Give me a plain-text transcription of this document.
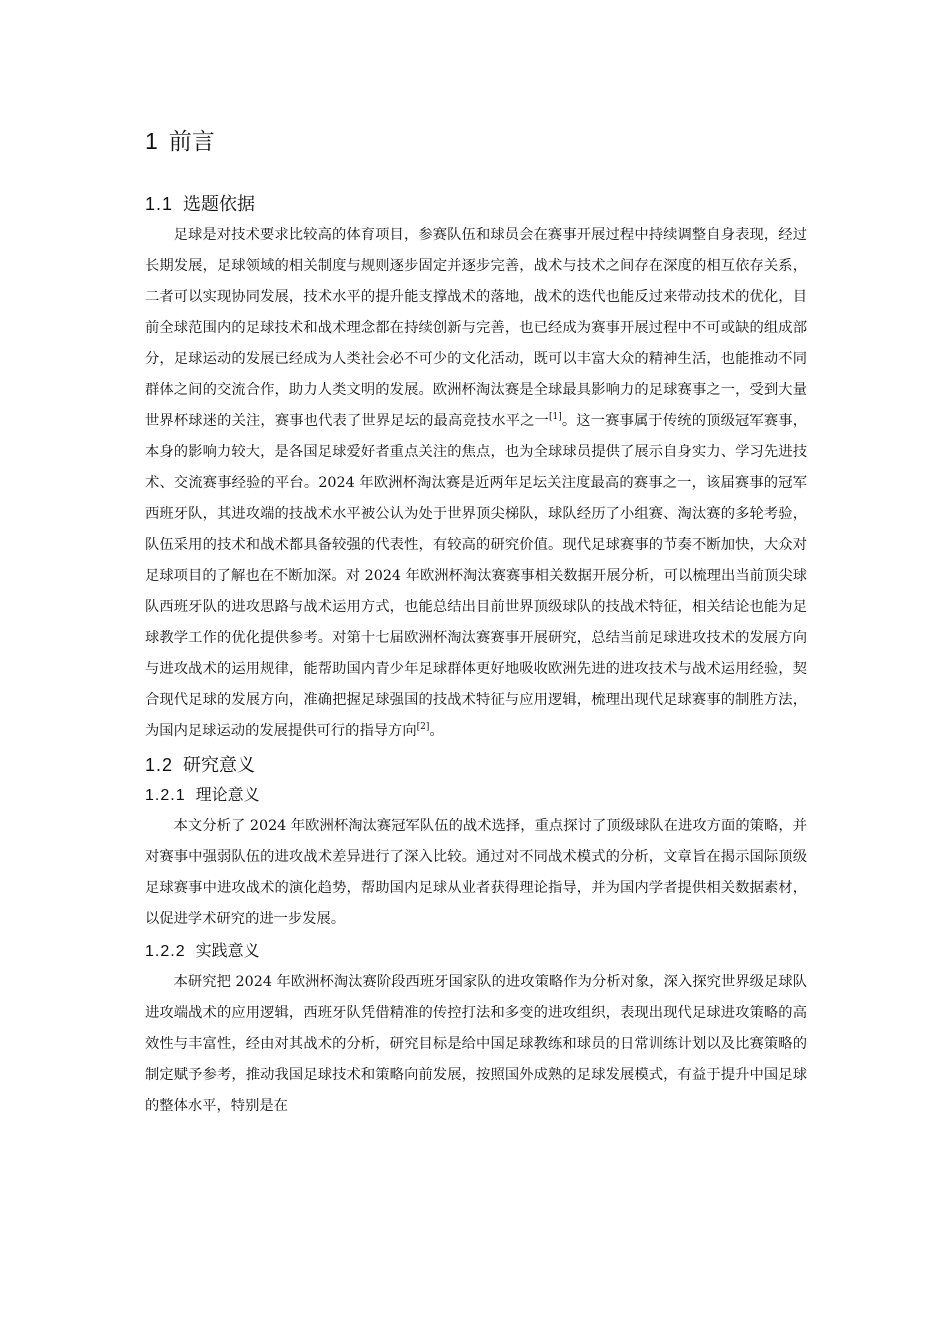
1 前言
1.1 选题依据

足球是对技术要求比较高的体育项目，参赛队伍和球员会在赛事开展过程中持续调整自身表现，经过长期发展，足球领域的相关制度与规则逐步固定并逐步完善，战术与技术之间存在深度的相互依存关系，二者可以实现协同发展，技术水平的提升能支撑战术的落地，战术的迭代也能反过来带动技术的优化，目前全球范围内的足球技术和战术理念都在持续创新与完善，也已经成为赛事开展过程中不可或缺的组成部分，足球运动的发展已经成为人类社会必不可少的文化活动，既可以丰富大众的精神生活，也能推动不同群体之间的交流合作，助力人类文明的发展。欧洲杯淘汰赛是全球最具影响力的足球赛事之一，受到大量世界杯球迷的关注，赛事也代表了世界足坛的最高竞技水平之一[1]。这一赛事属于传统的顶级冠军赛事，本身的影响力较大，是各国足球爱好者重点关注的焦点，也为全球球员提供了展示自身实力、学习先进技术、交流赛事经验的平台。2024 年欧洲杯淘汰赛是近两年足坛关注度最高的赛事之一，该届赛事的冠军西班牙队，其进攻端的技战术水平被公认为处于世界顶尖梯队，球队经历了小组赛、淘汰赛的多轮考验，队伍采用的技术和战术都具备较强的代表性，有较高的研究价值。现代足球赛事的节奏不断加快，大众对足球项目的了解也在不断加深。对 2024 年欧洲杯淘汰赛赛事相关数据开展分析，可以梳理出当前顶尖球队西班牙队的进攻思路与战术运用方式，也能总结出目前世界顶级球队的技战术特征，相关结论也能为足球教学工作的优化提供参考。对第十七届欧洲杯淘汰赛赛事开展研究，总结当前足球进攻技术的发展方向与进攻战术的运用规律，能帮助国内青少年足球群体更好地吸收欧洲先进的进攻技术与战术运用经验，契合现代足球的发展方向，准确把握足球强国的技战术特征与应用逻辑，梳理出现代足球赛事的制胜方法，为国内足球运动的发展提供可行的指导方向[2]。

1.2 研究意义
1.2.1 理论意义

本文分析了 2024 年欧洲杯淘汰赛冠军队伍的战术选择，重点探讨了顶级球队在进攻方面的策略，并对赛事中强弱队伍的进攻战术差异进行了深入比较。通过对不同战术模式的分析，文章旨在揭示国际顶级足球赛事中进攻战术的演化趋势，帮助国内足球从业者获得理论指导，并为国内学者提供相关数据素材，以促进学术研究的进一步发展。

1.2.2 实践意义

本研究把 2024 年欧洲杯淘汰赛阶段西班牙国家队的进攻策略作为分析对象，深入探究世界级足球队进攻端战术的应用逻辑，西班牙队凭借精准的传控打法和多变的进攻组织，表现出现代足球进攻策略的高效性与丰富性，经由对其战术的分析，研究目标是给中国足球教练和球员的日常训练计划以及比赛策略的制定赋予参考，推动我国足球技术和策略向前发展，按照国外成熟的足球发展模式，有益于提升中国足球的整体水平，特别是在
